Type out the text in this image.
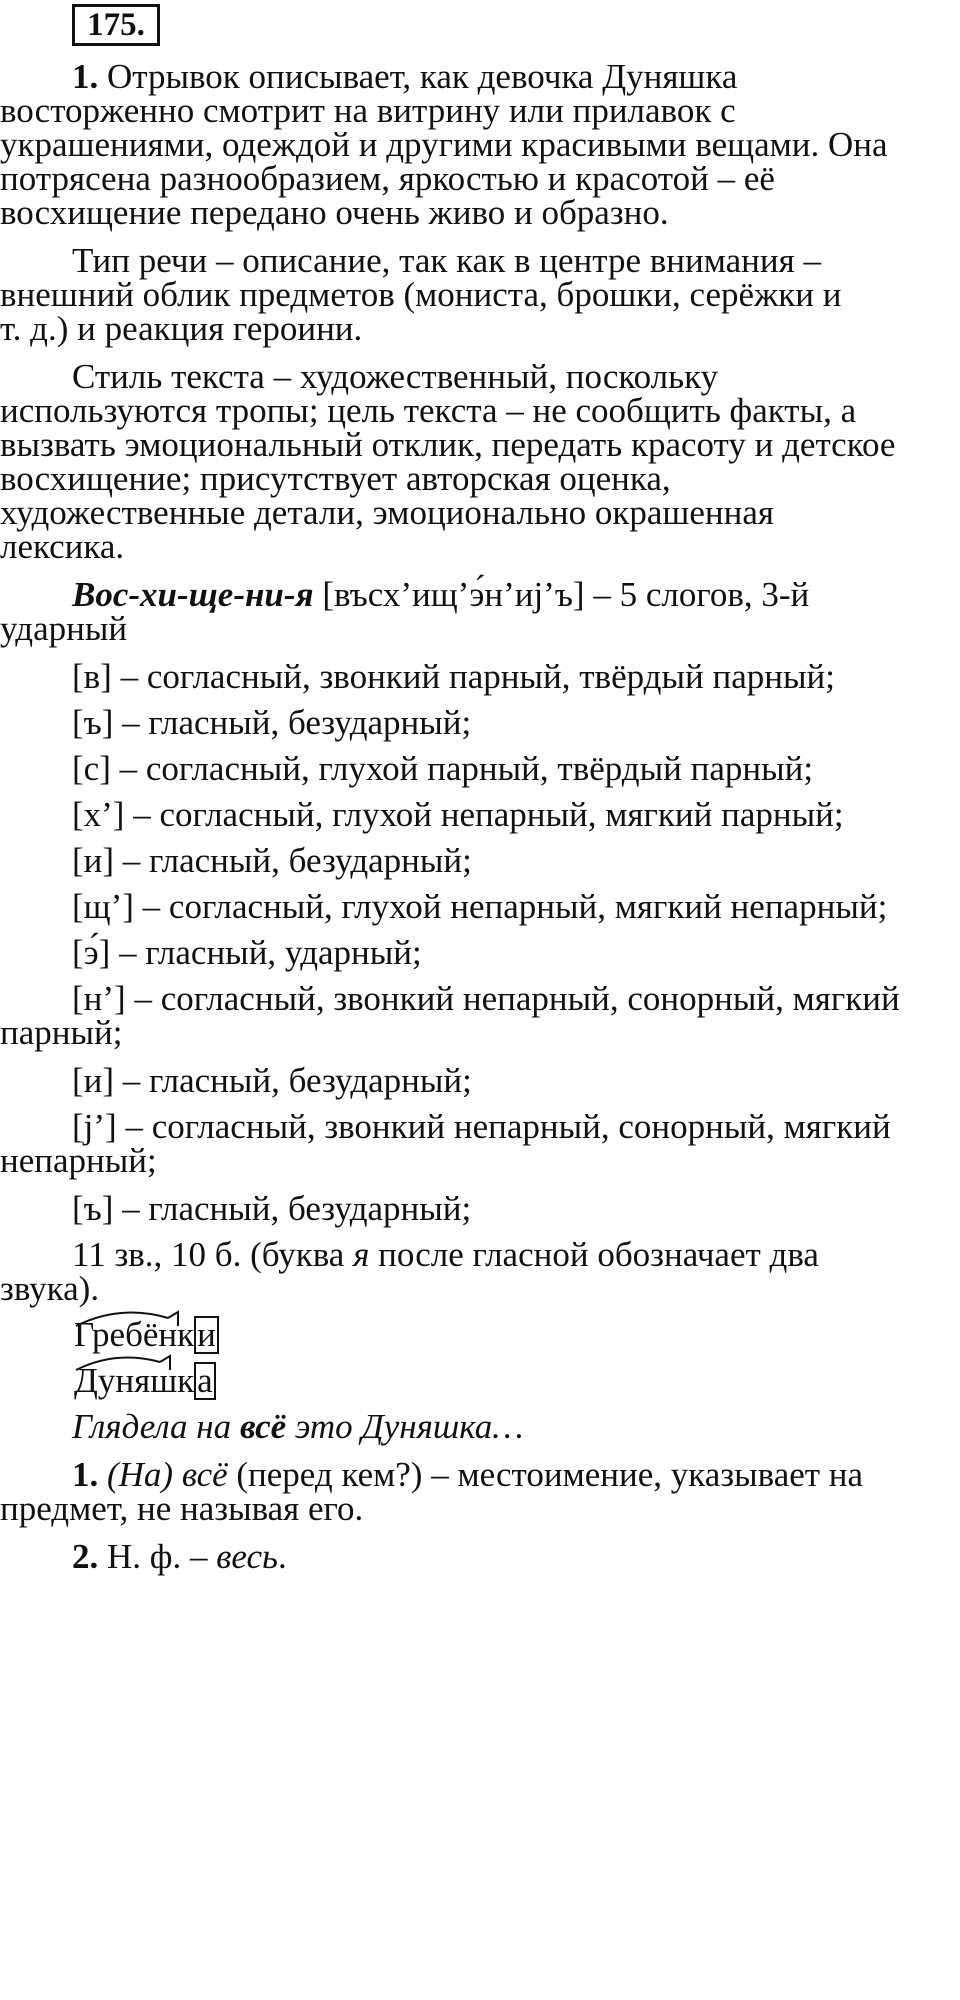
175.

1. Отрывок описывает, как девочка Дуняшка

восторженно смотрит на витрину или прилавок с

украшениями, одеждой и другими красивыми вещами. Она

потрясена разнообразием, яркостью и красотой – её

восхищение передано очень живо и образно.

Тип речи – описание, так как в центре внимания –

внешний облик предметов (мониста, брошки, серёжки и

т. д.) и реакция героини.

Стиль текста – художественный, поскольку

используются тропы; цель текста – не сообщить факты, а

вызвать эмоциональный отклик, передать красоту и детское

восхищение; присутствует авторская оценка,

художественные детали, эмоционально окрашенная

лексика.

Вос-хи-ще-ни-я [въсх’ищ’э́н’иj’ъ] – 5 слогов, 3-й

ударный

[в] – согласный, звонкий парный, твёрдый парный;

[ъ] – гласный, безударный;

[с] – согласный, глухой парный, твёрдый парный;

[х’] – согласный, глухой непарный, мягкий парный;

[и] – гласный, безударный;

[щ’] – согласный, глухой непарный, мягкий непарный;

[э́] – гласный, ударный;

[н’] – согласный, звонкий непарный, сонорный, мягкий

парный;

[и] – гласный, безударный;

[j’] – согласный, звонкий непарный, сонорный, мягкий

непарный;

[ъ] – гласный, безударный;

11 зв., 10 б. (буква я после гласной обозначает два

звука).

Гребёнки
Дуняшка

Глядела на всё это Дуняшка…

1. (На) всё (перед кем?) – местоимение, указывает на

предмет, не называя его.

2. Н. ф. – весь.
